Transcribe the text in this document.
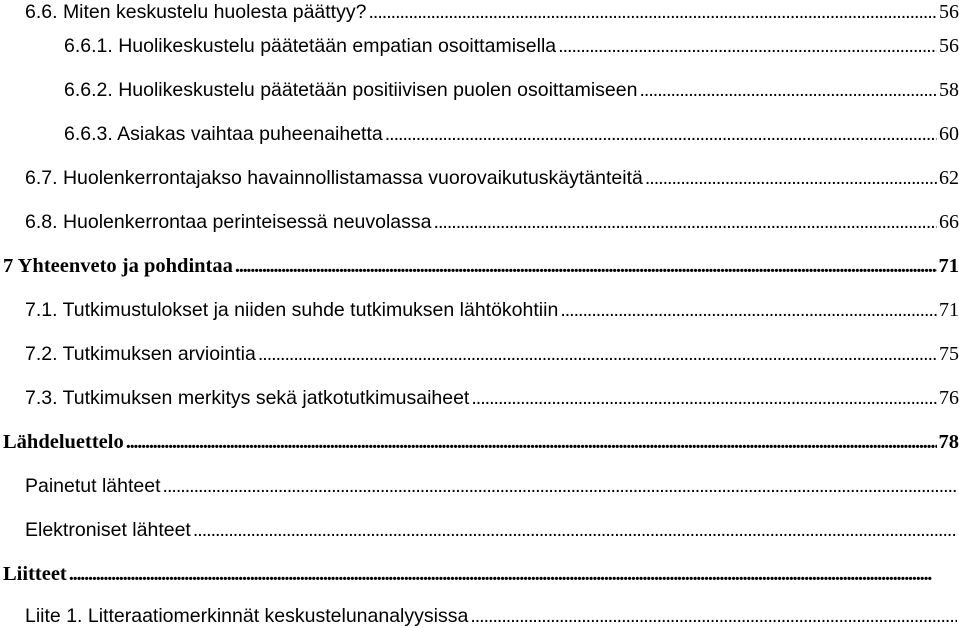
6.6. Miten keskustelu huolesta päättyy? . . .	56
6.6.1. Huolikeskustelu päätetään empatian osoittamisella . . .	56
6.6.2. Huolikeskustelu päätetään positiivisen puolen osoittamiseen . . .	58
6.6.3. Asiakas vaihtaa puheenaihetta . . .	60
6.7. Huolenkerrontajakso havainnollistamassa vuorovaikutuskäytänteitä . . .	62
6.8. Huolenkerrontaa perinteisessä neuvolassa . . .	66
7 Yhteenveto ja pohdintaa . . .	71
7.1. Tutkimustulokset ja niiden suhde tutkimuksen lähtökohtiin . . .	71
7.2. Tutkimuksen arviointia . . .	75
7.3. Tutkimuksen merkitys sekä jatkotutkimusaiheet . . .	76
Lähdeluettelo . . .	78
Painetut lähteet
. . .
Elektroniset lähteet
. . .
Liitteet
. . .
Liite 1. Litteraatiomerkinnät keskustelunanalyysissa
. . .
